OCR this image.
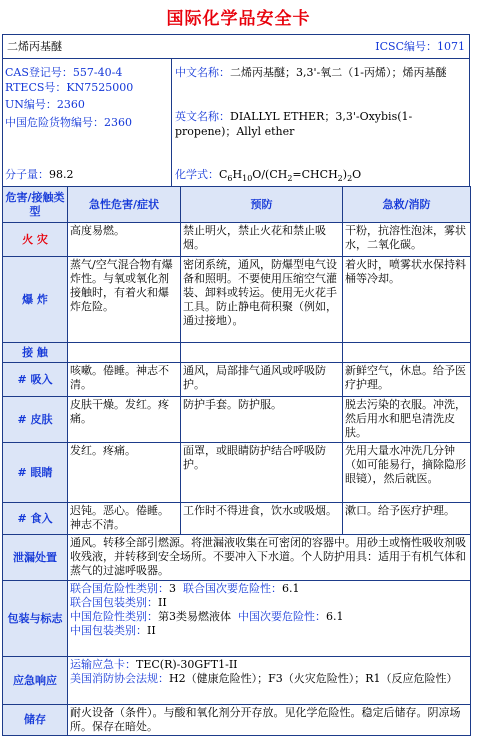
国际化学品安全卡
二烯丙基醚	ICSC编号：1071
CAS登记号：557-40-4
RTECS号：KN7525000
UN编号：2360
中国危险货物编号：2360
中文名称：二烯丙基醚；3,3'-氧二（1-丙烯）；烯丙基醚
英文名称：DIALLYL ETHER；3,3'-Oxybis(1-propene)；Allyl ether
分子量：98.2	化学式：$C_6H_{10}O/(CH_2=CHCH_2)_2O$
危害/接触类型	急性危害/症状	预防	急救/消防
火 灾	高度易燃。	禁止明火，禁止火花和禁止吸烟。	干粉，抗溶性泡沫，雾状水，二氧化碳。
爆 炸	蒸气/空气混合物有爆炸性。与氧或氧化剂接触时，有着火和爆炸危险。	密闭系统，通风，防爆型电气设备和照明。不要使用压缩空气灌装、卸料或转运。使用无火花手工具。防止静电荷积聚（例如，通过接地）。	着火时，喷雾状水保持料桶等冷却。
接 触			
# 吸入	咳嗽。倦睡。神志不清。	通风，局部排气通风或呼吸防护。	新鲜空气，休息。给予医疗护理。
# 皮肤	皮肤干燥。发红。疼痛。	防护手套。防护服。	脱去污染的衣服。冲洗，然后用水和肥皂清洗皮肤。
# 眼睛	发红。疼痛。	面罩，或眼睛防护结合呼吸防护。	先用大量水冲洗几分钟（如可能易行，摘除隐形眼镜），然后就医。
# 食入	迟钝。恶心。倦睡。神志不清。	工作时不得进食，饮水或吸烟。	漱口。给予医疗护理。
泄漏处置	通风。转移全部引燃源。将泄漏液收集在可密闭的容器中。用砂土或惰性吸收剂吸收残液，并转移到安全场所。不要冲入下水道。个人防护用具：适用于有机气体和蒸气的过滤呼吸器。		
包装与标志	联合国危险性类别：3 联合国次要危险性：6.1
联合国包装类别：II
中国危险性类别：第3类易燃液体 中国次要危险性：6.1
中国包装类别：II		

应急响应	运输应急卡：TEC(R)-30GFT1-II
美国消防协会法规：H2（健康危险性）；F3（火灾危险性）；R1（反应危险性）		

储存	耐火设备（条件）。与酸和氧化剂分开存放。见化学危险性。稳定后储存。阴凉场所。保存在暗处。		
